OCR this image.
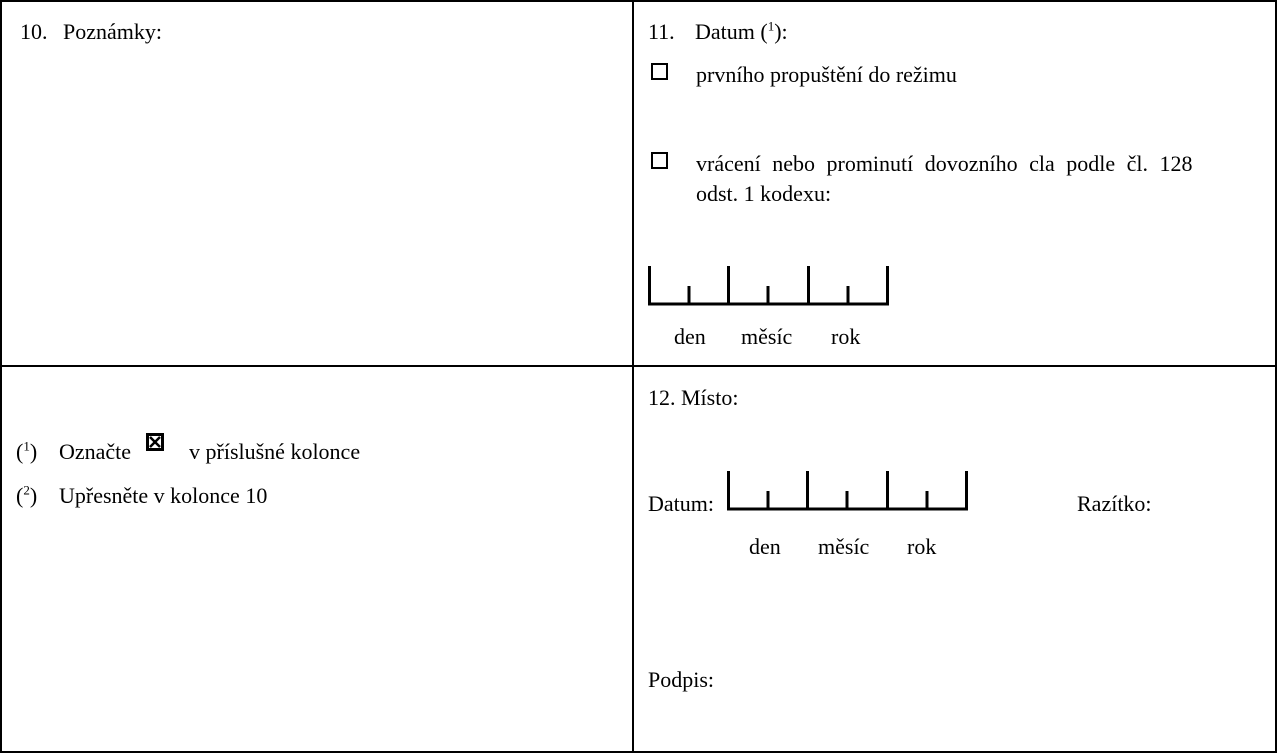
10. Poznámky:	11. Datum ($^1$):
prvního propuštění do režimu
vrácení nebo prominutí dovozního cla podle čl. 128
odst. 1 kodexu:
den měsíc rok
($^1$) Označte	v příslušné kolonce
($^2$) Upřesněte v kolonce 10
12. Místo:
Datum:
den měsíc rok
Razítko:
Podpis:
